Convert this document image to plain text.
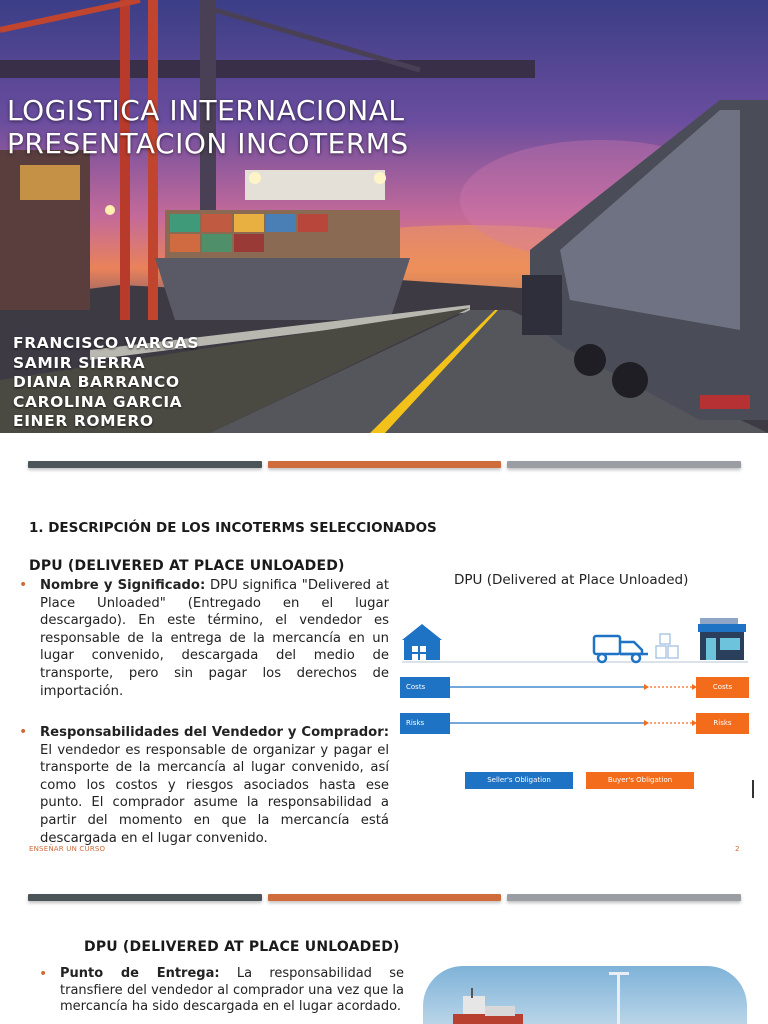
LOGISTICA INTERNACIONAL
PRESENTACION INCOTERMS
FRANCISCO VARGAS
SAMIR SIERRA
DIANA BARRANCO
CAROLINA GARCIA
EINER ROMERO
1. DESCRIPCIÓN DE LOS INCOTERMS SELECCIONADOS
DPU (DELIVERED AT PLACE UNLOADED)
• Nombre y Significado: DPU significa "Delivered at Place Unloaded" (Entregado en el lugar descargado). En este término, el vendedor es responsable de la entrega de la mercancía en un lugar convenido, descargada del medio de transporte, pero sin pagar los derechos de importación.
• Responsabilidades del Vendedor y Comprador: El vendedor es responsable de organizar y pagar el transporte de la mercancía al lugar convenido, así como los costos y riesgos asociados hasta ese punto. El comprador asume la responsabilidad a partir del momento en que la mercancía está descargada en el lugar convenido.
DPU (Delivered at Place Unloaded)
Costs	Costs
Risks	Risks
Seller's Obligation	Buyer's Obligation
ENSEÑAR UN CURSO	2
DPU (DELIVERED AT PLACE UNLOADED)
• Punto de Entrega: La responsabilidad se transfiere del vendedor al comprador una vez que la mercancía ha sido descargada en el lugar acordado.
